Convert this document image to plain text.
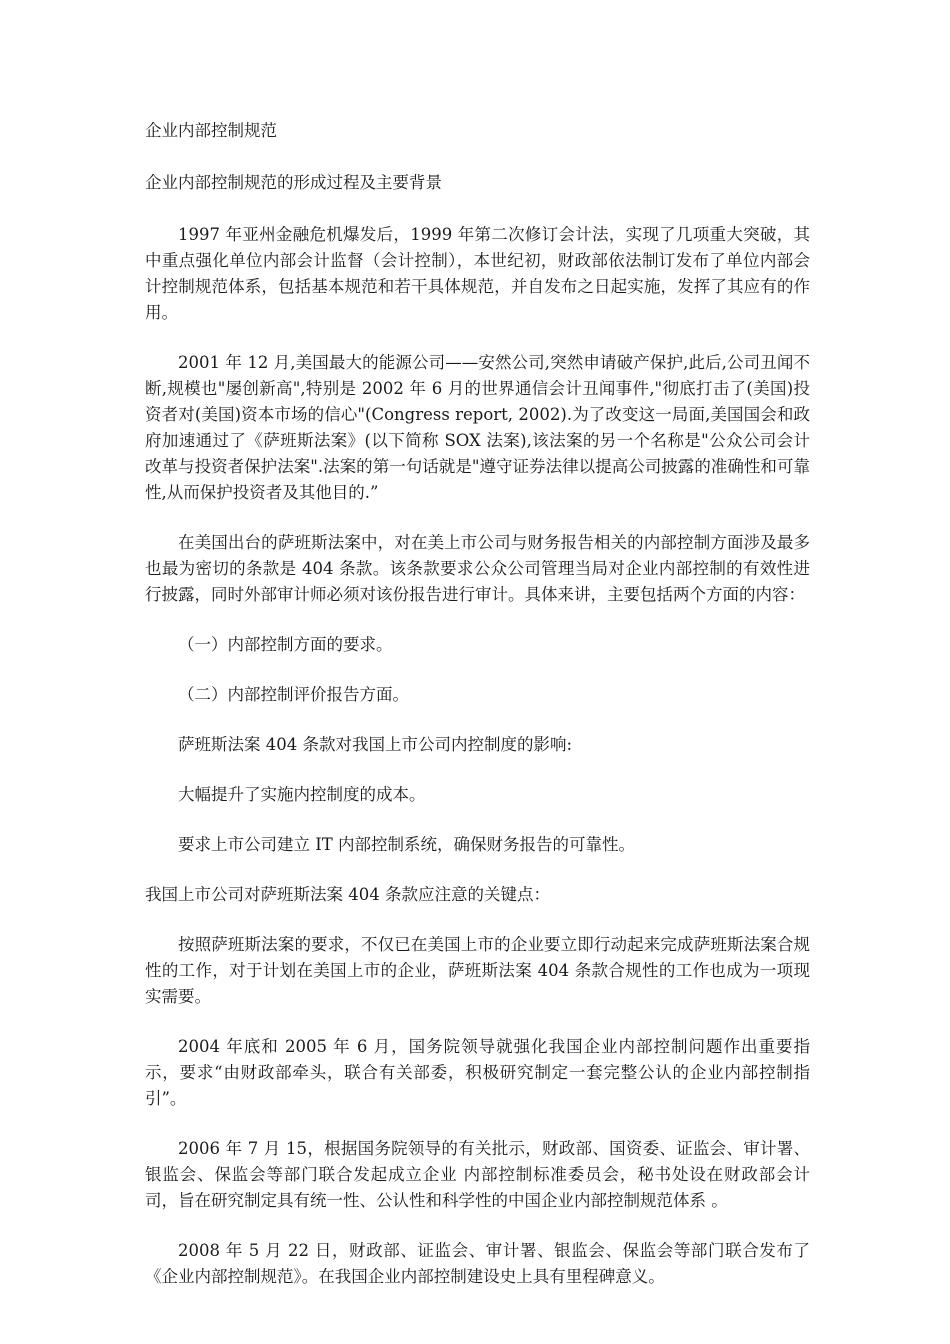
企业内部控制规范

企业内部控制规范的形成过程及主要背景

1997 年亚州金融危机爆发后，1999 年第二次修订会计法，实现了几项重大突破，其中重点强化单位内部会计监督（会计控制），本世纪初，财政部依法制订发布了单位内部会计控制规范体系，包括基本规范和若干具体规范，并自发布之日起实施，发挥了其应有的作用。

2001 年 12 月,美国最大的能源公司——安然公司,突然申请破产保护,此后,公司丑闻不断,规模也"屡创新高",特别是 2002 年 6 月的世界通信会计丑闻事件,"彻底打击了(美国)投资者对(美国)资本市场的信心"(Congress report, 2002).为了改变这一局面,美国国会和政府加速通过了《萨班斯法案》(以下简称 SOX 法案),该法案的另一个名称是"公众公司会计改革与投资者保护法案".法案的第一句话就是"遵守证券法律以提高公司披露的准确性和可靠性,从而保护投资者及其他目的.”

在美国出台的萨班斯法案中，对在美上市公司与财务报告相关的内部控制方面涉及最多也最为密切的条款是 404 条款。该条款要求公众公司管理当局对企业内部控制的有效性进行披露，同时外部审计师必须对该份报告进行审计。具体来讲，主要包括两个方面的内容：

（一）内部控制方面的要求。

（二）内部控制评价报告方面。

萨班斯法案 404 条款对我国上市公司内控制度的影响:

大幅提升了实施内控制度的成本。

要求上市公司建立 IT 内部控制系统，确保财务报告的可靠性。

我国上市公司对萨班斯法案 404 条款应注意的关键点：

按照萨班斯法案的要求，不仅已在美国上市的企业要立即行动起来完成萨班斯法案合规性的工作，对于计划在美国上市的企业，萨班斯法案 404 条款合规性的工作也成为一项现实需要。

2004 年底和 2005 年 6 月，国务院领导就强化我国企业内部控制问题作出重要指示，要求“由财政部牵头，联合有关部委，积极研究制定一套完整公认的企业内部控制指引”。

2006 年 7 月 15，根据国务院领导的有关批示，财政部、国资委、证监会、审计署、银监会、保监会等部门联合发起成立企业 内部控制标准委员会，秘书处设在财政部会计司，旨在研究制定具有统一性、公认性和科学性的中国企业内部控制规范体系 。

2008 年 5 月 22 日，财政部、证监会、审计署、银监会、保监会等部门联合发布了《企业内部控制规范》。在我国企业内部控制建设史上具有里程碑意义。
